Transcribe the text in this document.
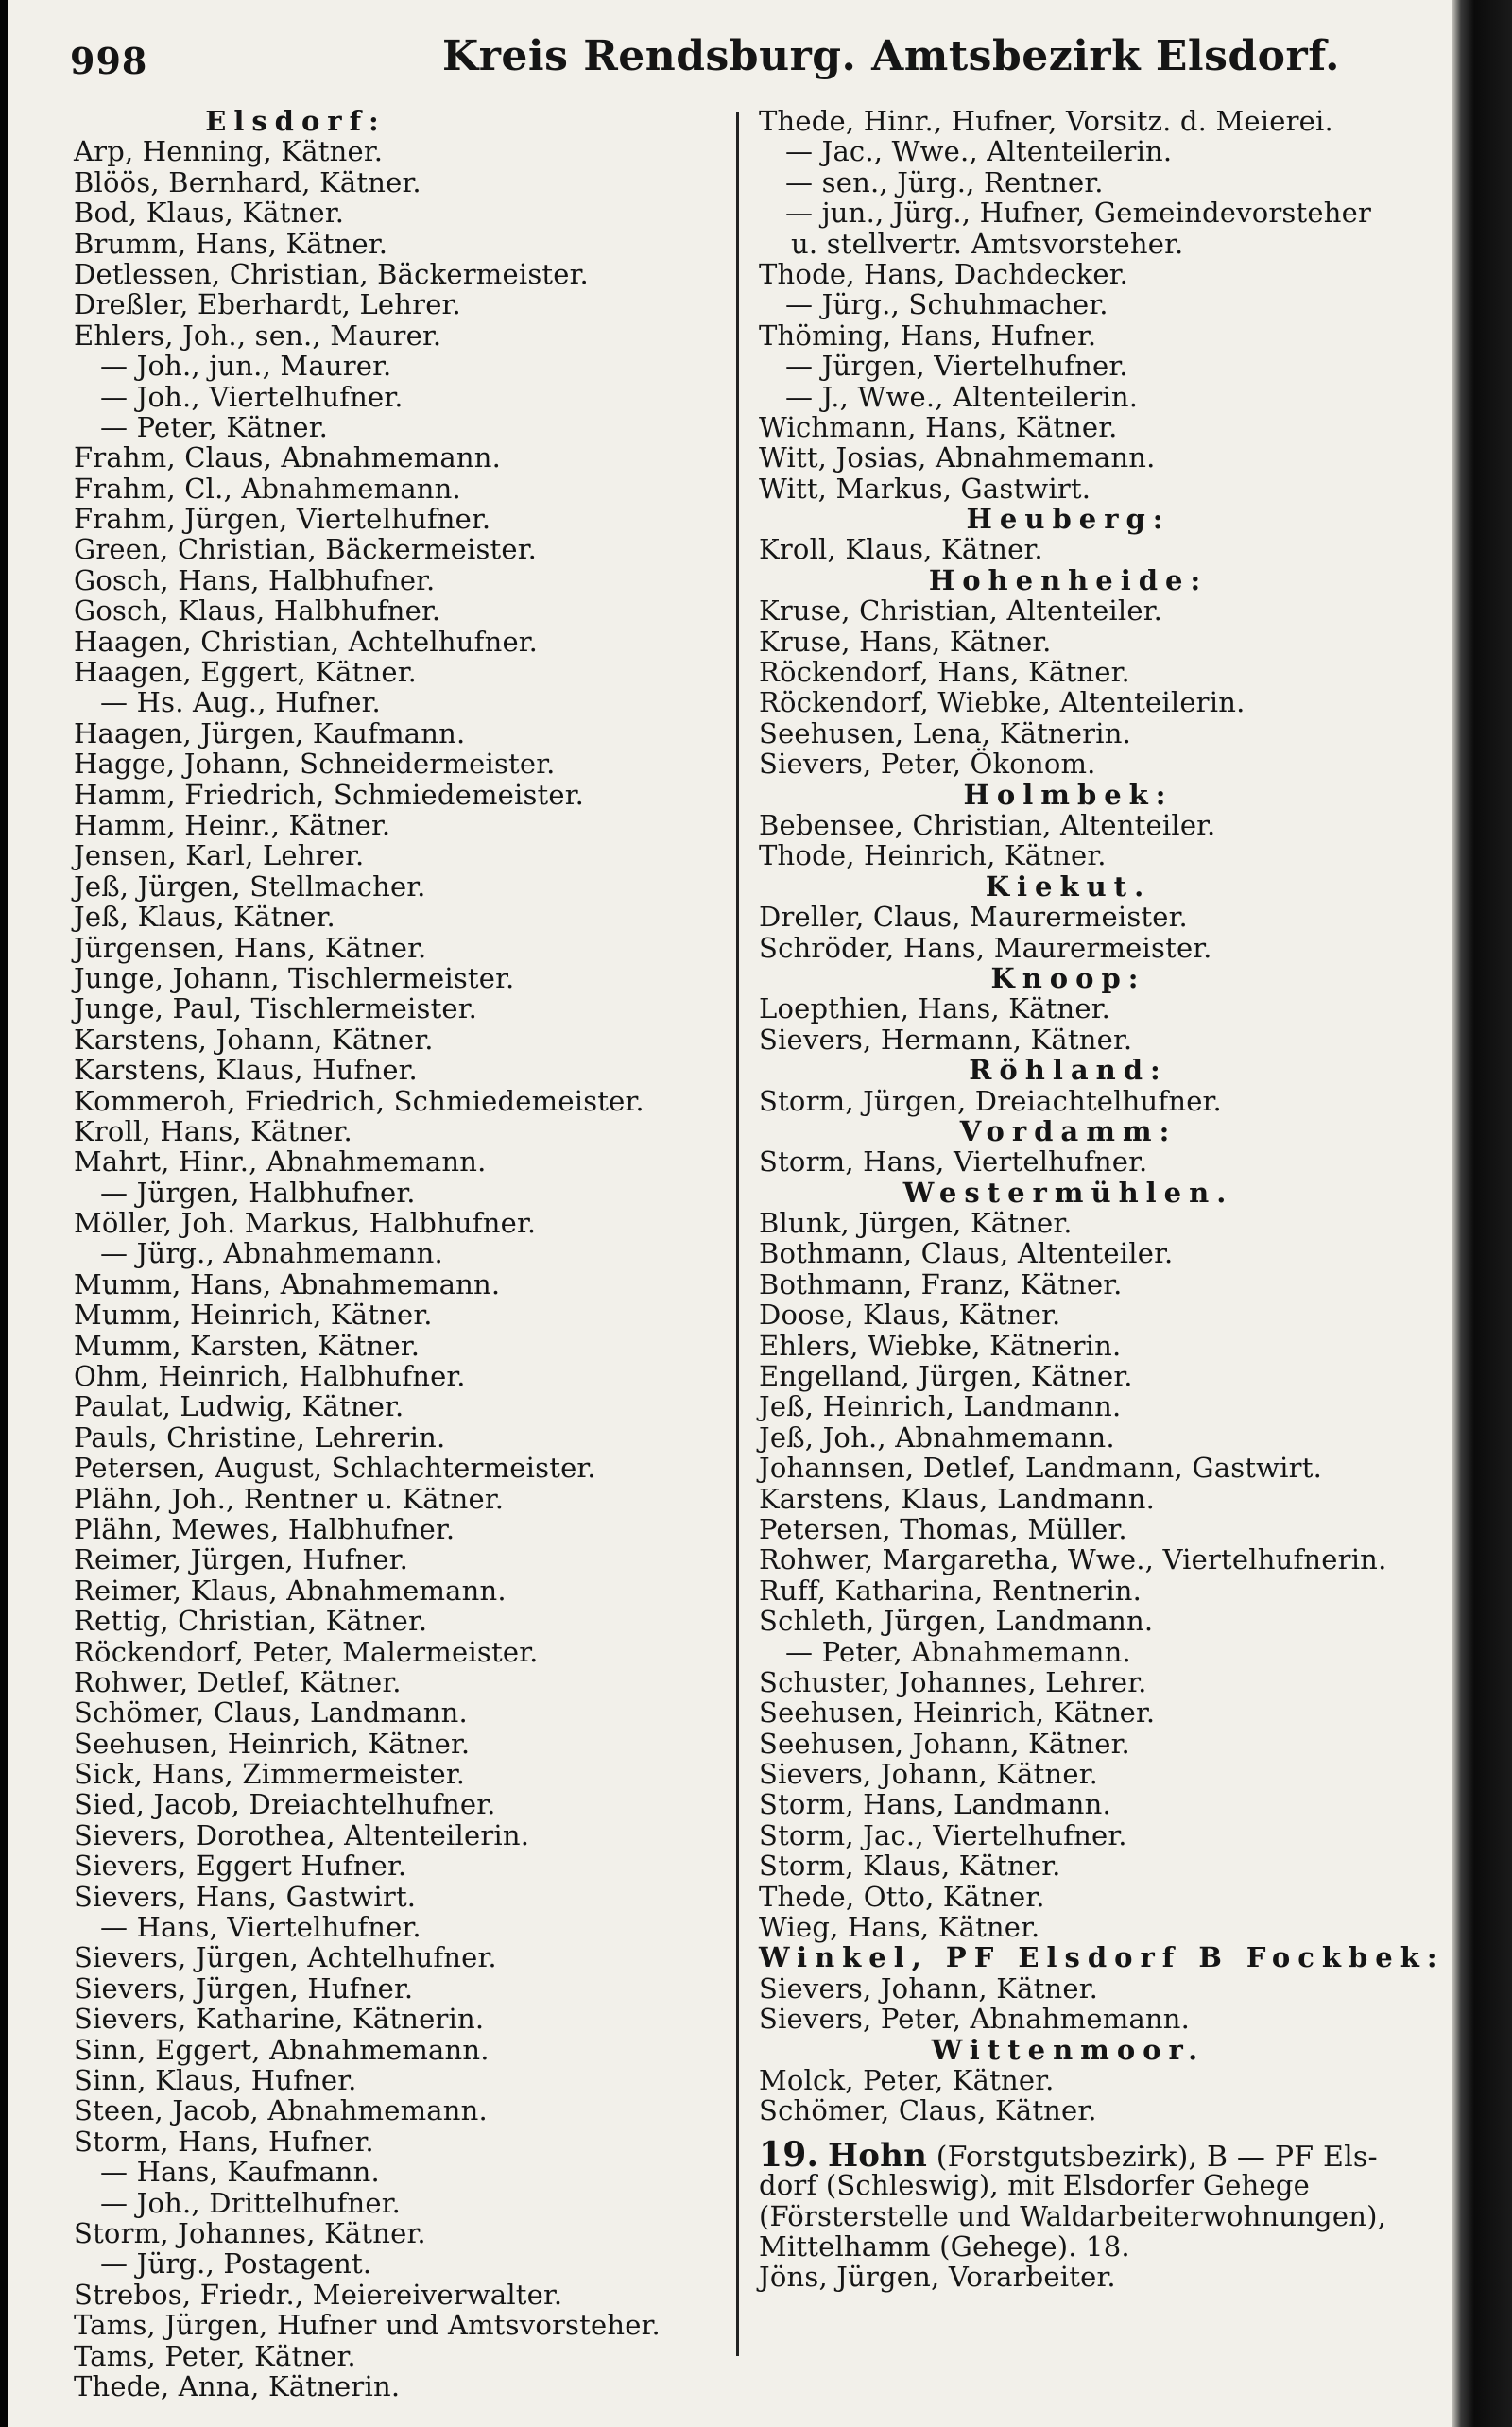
998	Kreis Rendsburg. Amtsbezirk Elsdorf.
Elsdorf:
Arp, Henning, Kätner.
Blöös, Bernhard, Kätner.
Bod, Klaus, Kätner.
Brumm, Hans, Kätner.
Detlessen, Christian, Bäckermeister.
Dreßler, Eberhardt, Lehrer.
Ehlers, Joh., sen., Maurer.
— Joh., jun., Maurer.
— Joh., Viertelhufner.
— Peter, Kätner.
Frahm, Claus, Abnahmemann.
Frahm, Cl., Abnahmemann.
Frahm, Jürgen, Viertelhufner.
Green, Christian, Bäckermeister.
Gosch, Hans, Halbhufner.
Gosch, Klaus, Halbhufner.
Haagen, Christian, Achtelhufner.
Haagen, Eggert, Kätner.
— Hs. Aug., Hufner.
Haagen, Jürgen, Kaufmann.
Hagge, Johann, Schneidermeister.
Hamm, Friedrich, Schmiedemeister.
Hamm, Heinr., Kätner.
Jensen, Karl, Lehrer.
Jeß, Jürgen, Stellmacher.
Jeß, Klaus, Kätner.
Jürgensen, Hans, Kätner.
Junge, Johann, Tischlermeister.
Junge, Paul, Tischlermeister.
Karstens, Johann, Kätner.
Karstens, Klaus, Hufner.
Kommeroh, Friedrich, Schmiedemeister.
Kroll, Hans, Kätner.
Mahrt, Hinr., Abnahmemann.
— Jürgen, Halbhufner.
Möller, Joh. Markus, Halbhufner.
— Jürg., Abnahmemann.
Mumm, Hans, Abnahmemann.
Mumm, Heinrich, Kätner.
Mumm, Karsten, Kätner.
Ohm, Heinrich, Halbhufner.
Paulat, Ludwig, Kätner.
Pauls, Christine, Lehrerin.
Petersen, August, Schlachtermeister.
Plähn, Joh., Rentner u. Kätner.
Plähn, Mewes, Halbhufner.
Reimer, Jürgen, Hufner.
Reimer, Klaus, Abnahmemann.
Rettig, Christian, Kätner.
Röckendorf, Peter, Malermeister.
Rohwer, Detlef, Kätner.
Schömer, Claus, Landmann.
Seehusen, Heinrich, Kätner.
Sick, Hans, Zimmermeister.
Sied, Jacob, Dreiachtelhufner.
Sievers, Dorothea, Altenteilerin.
Sievers, Eggert Hufner.
Sievers, Hans, Gastwirt.
— Hans, Viertelhufner.
Sievers, Jürgen, Achtelhufner.
Sievers, Jürgen, Hufner.
Sievers, Katharine, Kätnerin.
Sinn, Eggert, Abnahmemann.
Sinn, Klaus, Hufner.
Steen, Jacob, Abnahmemann.
Storm, Hans, Hufner.
— Hans, Kaufmann.
— Joh., Drittelhufner.
Storm, Johannes, Kätner.
— Jürg., Postagent.
Strebos, Friedr., Meiereiverwalter.
Tams, Jürgen, Hufner und Amtsvorsteher.
Tams, Peter, Kätner.
Thede, Anna, Kätnerin.
Thede, Hinr., Hufner, Vorsitz. d. Meierei.
— Jac., Wwe., Altenteilerin.
— sen., Jürg., Rentner.
— jun., Jürg., Hufner, Gemeindevorsteher
u. stellvertr. Amtsvorsteher.
Thode, Hans, Dachdecker.
— Jürg., Schuhmacher.
Thöming, Hans, Hufner.
— Jürgen, Viertelhufner.
— J., Wwe., Altenteilerin.
Wichmann, Hans, Kätner.
Witt, Josias, Abnahmemann.
Witt, Markus, Gastwirt.
Heuberg:
Kroll, Klaus, Kätner.
Hohenheide:
Kruse, Christian, Altenteiler.
Kruse, Hans, Kätner.
Röckendorf, Hans, Kätner.
Röckendorf, Wiebke, Altenteilerin.
Seehusen, Lena, Kätnerin.
Sievers, Peter, Ökonom.
Holmbek:
Bebensee, Christian, Altenteiler.
Thode, Heinrich, Kätner.
Kiekut.
Dreller, Claus, Maurermeister.
Schröder, Hans, Maurermeister.
Knoop:
Loepthien, Hans, Kätner.
Sievers, Hermann, Kätner.
Röhland:
Storm, Jürgen, Dreiachtelhufner.
Vordamm:
Storm, Hans, Viertelhufner.
Westermühlen.
Blunk, Jürgen, Kätner.
Bothmann, Claus, Altenteiler.
Bothmann, Franz, Kätner.
Doose, Klaus, Kätner.
Ehlers, Wiebke, Kätnerin.
Engelland, Jürgen, Kätner.
Jeß, Heinrich, Landmann.
Jeß, Joh., Abnahmemann.
Johannsen, Detlef, Landmann, Gastwirt.
Karstens, Klaus, Landmann.
Petersen, Thomas, Müller.
Rohwer, Margaretha, Wwe., Viertelhufnerin.
Ruff, Katharina, Rentnerin.
Schleth, Jürgen, Landmann.
— Peter, Abnahmemann.
Schuster, Johannes, Lehrer.
Seehusen, Heinrich, Kätner.
Seehusen, Johann, Kätner.
Sievers, Johann, Kätner.
Storm, Hans, Landmann.
Storm, Jac., Viertelhufner.
Storm, Klaus, Kätner.
Thede, Otto, Kätner.
Wieg, Hans, Kätner.
Winkel, PF Elsdorf B Fockbek:
Sievers, Johann, Kätner.
Sievers, Peter, Abnahmemann.
Wittenmoor.
Molck, Peter, Kätner.
Schömer, Claus, Kätner.
19. Hohn (Forstgutsbezirk), B — PF Els-
dorf (Schleswig), mit Elsdorfer Gehege
(Försterstelle und Waldarbeiterwohnungen),
Mittelhamm (Gehege). 18.
Jöns, Jürgen, Vorarbeiter.
